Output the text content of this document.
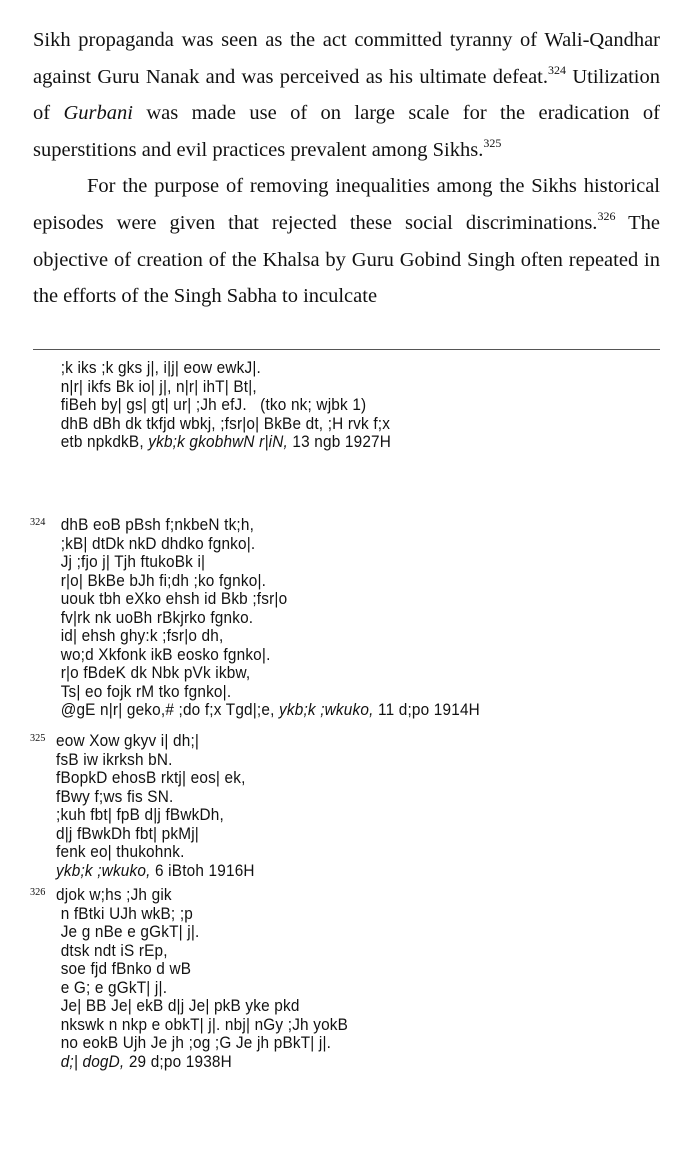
Sikh propaganda was seen as the act committed tyranny of Wali-Qandhar against Guru Nanak and was perceived as his ultimate defeat.$^{324}$ Utilization of Gurbani was made use of on large scale for the eradication of superstitions and evil practices prevalent among Sikhs.$^{325}$

For the purpose of removing inequalities among the Sikhs historical episodes were given that rejected these social discriminations.$^{326}$ The objective of creation of the Khalsa by Guru Gobind Singh often repeated in the efforts of the Singh Sabha to inculcate

;k iks ;k gks j|, i|j| eow ewkJ|.
n|r| ikfs Bk io| j|, n|r| ihT| Bt|,
fiBeh by| gs| gt| ur| ;Jh efJ.   (tko nk; wjbk 1)
dhB dBh dk tkfjd wbkj, ;fsr|o| BkBe dt, ;H rvk f;x
etb npkdkB, ykb;k gkobhwN r|iN, 13 ngb 1927H
324 dhB eoB pBsh f;nkbeN tk;h,
;kB| dtDk nkD dhdko fgnko|.
Jj ;fjo j| Tjh ftukoBk i|
r|o| BkBe bJh fi;dh ;ko fgnko|.
uouk tbh eXko ehsh id Bkb ;fsr|o
fv|rk nk uoBh rBkjrko fgnko.
id| ehsh ghy:k ;fsr|o dh,
wo;d Xkfonk ikB eosko fgnko|.
r|o fBdeK dk Nbk pVk ikbw,
Ts| eo fojk rM tko fgnko|.
@gE n|r| geko,# ;do f;x Tgd|;e, ykb;k ;wkuko, 11 d;po 1914H
325 eow Xow gkyv i| dh;|
fsB iw ikrksh bN.
fBopkD ehosB rktj| eos| ek,
fBwy f;ws fis SN.
;kuh fbt| fpB d|j fBwkDh,
d|j fBwkDh fbt| pkMj|
fenk eo| thukohnk.
ykb;k ;wkuko, 6 iBtoh 1916H
326 djok w;hs ;Jh gik
n fBtki UJh wkB; ;p
Je g nBe e gGkT| j|.
dtsk ndt iS rEp,
soe fjd fBnko d wB
e G; e gGkT| j|.
Je| BB Je| ekB d|j Je| pkB yke pkd
nkswk n nkp e obkT| j|. nbj| nGy ;Jh yokB
no eokB Ujh Je jh ;og ;G Je jh pBkT| j|.
d;| dogD, 29 d;po 1938H
